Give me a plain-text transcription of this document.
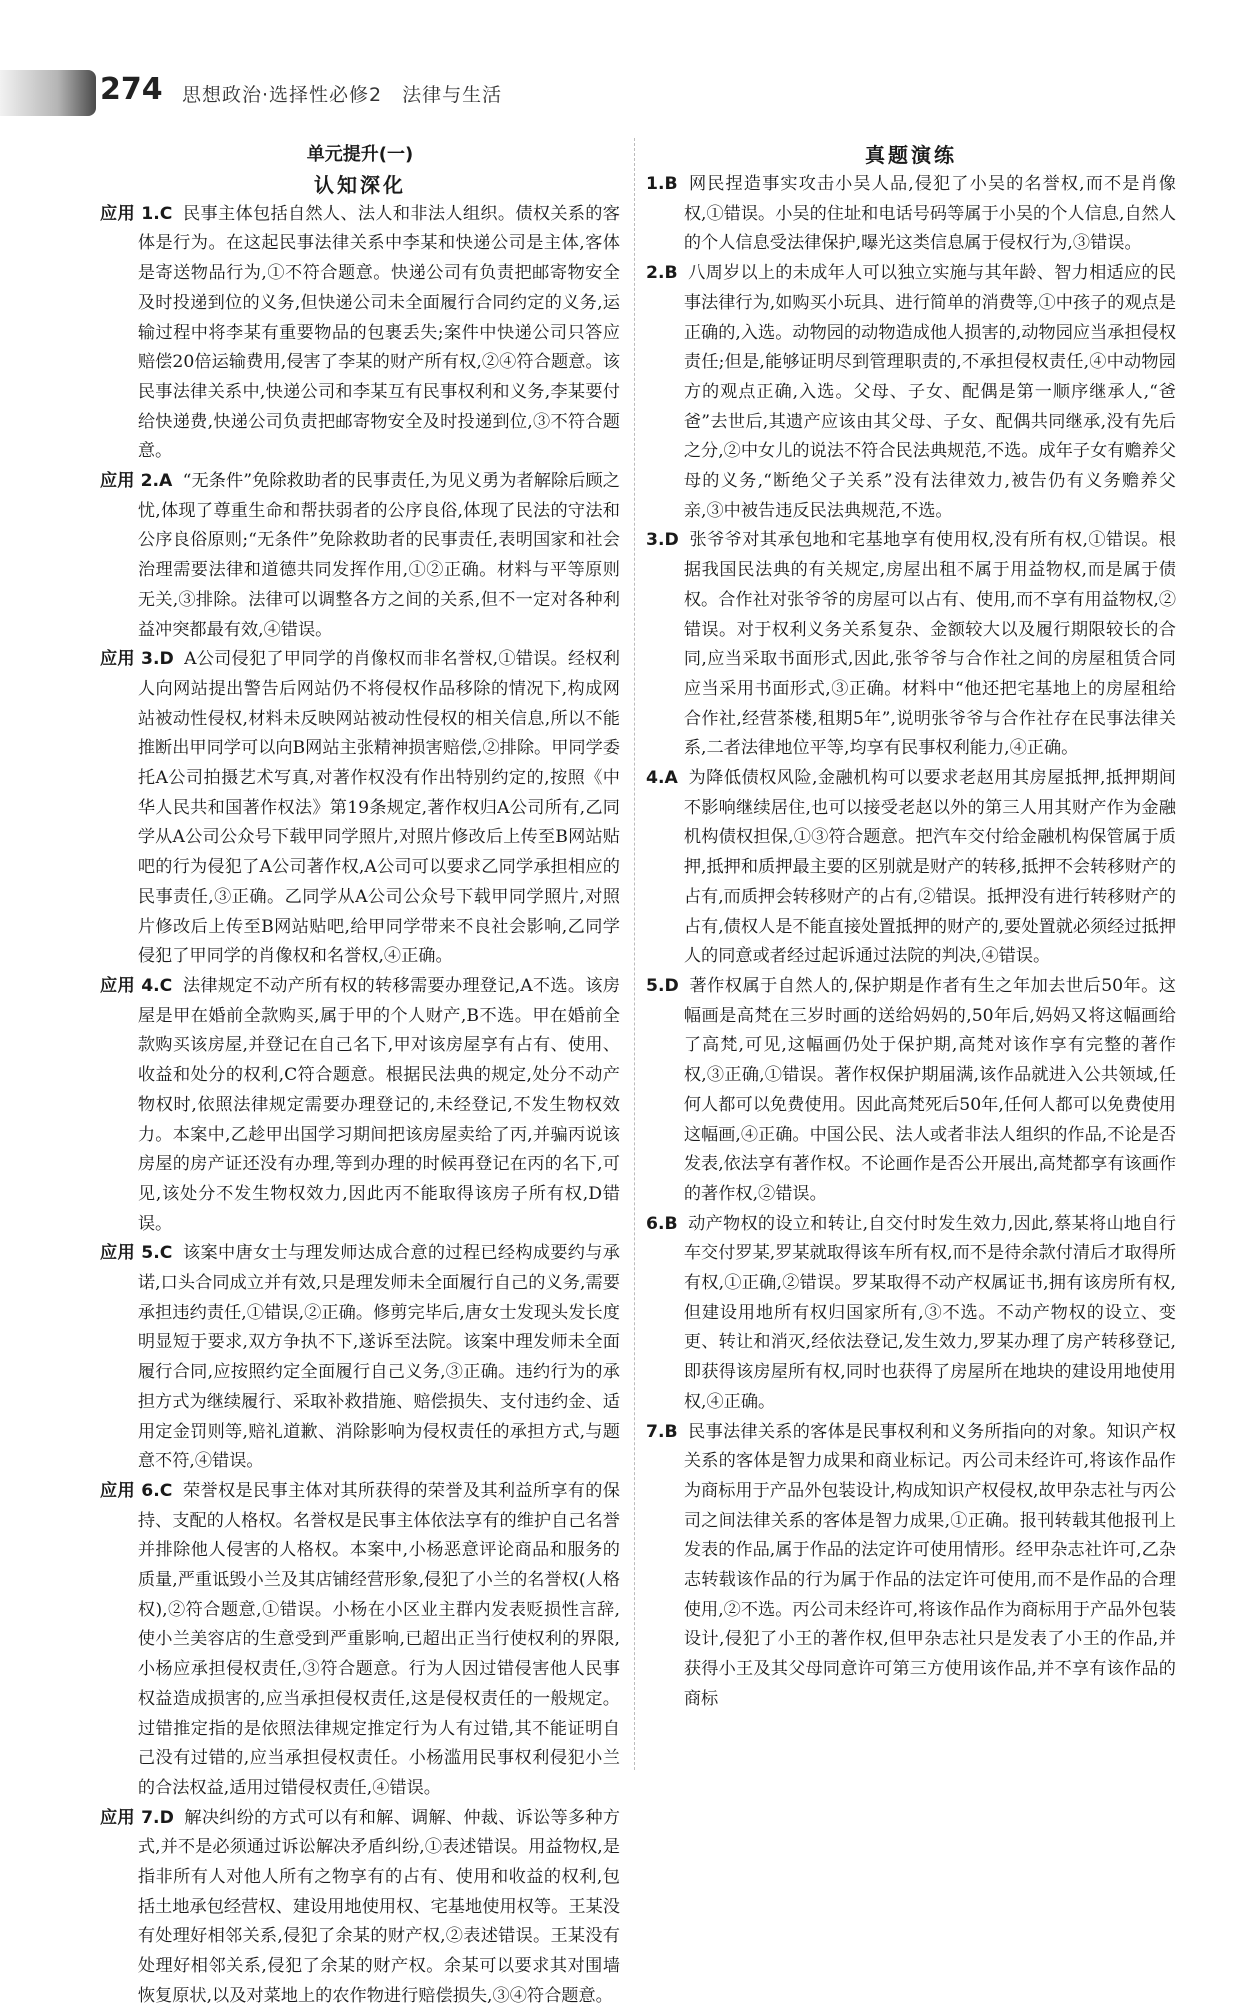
274 思想政治·选择性必修2　法律与生活
单元提升(一)
认知深化

应用 1.C 民事主体包括自然人、法人和非法人组织。债权关系的客体是行为。在这起民事法律关系中李某和快递公司是主体,客体是寄送物品行为,①不符合题意。快递公司有负责把邮寄物安全及时投递到位的义务,但快递公司未全面履行合同约定的义务,运输过程中将李某有重要物品的包裹丢失;案件中快递公司只答应赔偿20倍运输费用,侵害了李某的财产所有权,②④符合题意。该民事法律关系中,快递公司和李某互有民事权利和义务,李某要付给快递费,快递公司负责把邮寄物安全及时投递到位,③不符合题意。

应用 2.A “无条件”免除救助者的民事责任,为见义勇为者解除后顾之忧,体现了尊重生命和帮扶弱者的公序良俗,体现了民法的守法和公序良俗原则;“无条件”免除救助者的民事责任,表明国家和社会治理需要法律和道德共同发挥作用,①②正确。材料与平等原则无关,③排除。法律可以调整各方之间的关系,但不一定对各种利益冲突都最有效,④错误。

应用 3.D A公司侵犯了甲同学的肖像权而非名誉权,①错误。经权利人向网站提出警告后网站仍不将侵权作品移除的情况下,构成网站被动性侵权,材料未反映网站被动性侵权的相关信息,所以不能推断出甲同学可以向B网站主张精神损害赔偿,②排除。甲同学委托A公司拍摄艺术写真,对著作权没有作出特别约定的,按照《中华人民共和国著作权法》第19条规定,著作权归A公司所有,乙同学从A公司公众号下载甲同学照片,对照片修改后上传至B网站贴吧的行为侵犯了A公司著作权,A公司可以要求乙同学承担相应的民事责任,③正确。乙同学从A公司公众号下载甲同学照片,对照片修改后上传至B网站贴吧,给甲同学带来不良社会影响,乙同学侵犯了甲同学的肖像权和名誉权,④正确。

应用 4.C 法律规定不动产所有权的转移需要办理登记,A不选。该房屋是甲在婚前全款购买,属于甲的个人财产,B不选。甲在婚前全款购买该房屋,并登记在自己名下,甲对该房屋享有占有、使用、收益和处分的权利,C符合题意。根据民法典的规定,处分不动产物权时,依照法律规定需要办理登记的,未经登记,不发生物权效力。本案中,乙趁甲出国学习期间把该房屋卖给了丙,并骗丙说该房屋的房产证还没有办理,等到办理的时候再登记在丙的名下,可见,该处分不发生物权效力,因此丙不能取得该房子所有权,D错误。

应用 5.C 该案中唐女士与理发师达成合意的过程已经构成要约与承诺,口头合同成立并有效,只是理发师未全面履行自己的义务,需要承担违约责任,①错误,②正确。修剪完毕后,唐女士发现头发长度明显短于要求,双方争执不下,遂诉至法院。该案中理发师未全面履行合同,应按照约定全面履行自己义务,③正确。违约行为的承担方式为继续履行、采取补救措施、赔偿损失、支付违约金、适用定金罚则等,赔礼道歉、消除影响为侵权责任的承担方式,与题意不符,④错误。

应用 6.C 荣誉权是民事主体对其所获得的荣誉及其利益所享有的保持、支配的人格权。名誉权是民事主体依法享有的维护自己名誉并排除他人侵害的人格权。本案中,小杨恶意评论商品和服务的质量,严重诋毁小兰及其店铺经营形象,侵犯了小兰的名誉权(人格权),②符合题意,①错误。小杨在小区业主群内发表贬损性言辞,使小兰美容店的生意受到严重影响,已超出正当行使权利的界限,小杨应承担侵权责任,③符合题意。行为人因过错侵害他人民事权益造成损害的,应当承担侵权责任,这是侵权责任的一般规定。过错推定指的是依照法律规定推定行为人有过错,其不能证明自己没有过错的,应当承担侵权责任。小杨滥用民事权利侵犯小兰的合法权益,适用过错侵权责任,④错误。

应用 7.D 解决纠纷的方式可以有和解、调解、仲裁、诉讼等多种方式,并不是必须通过诉讼解决矛盾纠纷,①表述错误。用益物权,是指非所有人对他人所有之物享有的占有、使用和收益的权利,包括土地承包经营权、建设用地使用权、宅基地使用权等。王某没有处理好相邻关系,侵犯了余某的财产权,②表述错误。王某没有处理好相邻关系,侵犯了余某的财产权。余某可以要求其对围墙恢复原状,以及对菜地上的农作物进行赔偿损失,③④符合题意。

真题演练

1.B 网民捏造事实攻击小吴人品,侵犯了小吴的名誉权,而不是肖像权,①错误。小吴的住址和电话号码等属于小吴的个人信息,自然人的个人信息受法律保护,曝光这类信息属于侵权行为,③错误。

2.B 八周岁以上的未成年人可以独立实施与其年龄、智力相适应的民事法律行为,如购买小玩具、进行简单的消费等,①中孩子的观点是正确的,入选。动物园的动物造成他人损害的,动物园应当承担侵权责任;但是,能够证明尽到管理职责的,不承担侵权责任,④中动物园方的观点正确,入选。父母、子女、配偶是第一顺序继承人,“爸爸”去世后,其遗产应该由其父母、子女、配偶共同继承,没有先后之分,②中女儿的说法不符合民法典规范,不选。成年子女有赡养父母的义务,“断绝父子关系”没有法律效力,被告仍有义务赡养父亲,③中被告违反民法典规范,不选。

3.D 张爷爷对其承包地和宅基地享有使用权,没有所有权,①错误。根据我国民法典的有关规定,房屋出租不属于用益物权,而是属于债权。合作社对张爷爷的房屋可以占有、使用,而不享有用益物权,②错误。对于权利义务关系复杂、金额较大以及履行期限较长的合同,应当采取书面形式,因此,张爷爷与合作社之间的房屋租赁合同应当采用书面形式,③正确。材料中“他还把宅基地上的房屋租给合作社,经营茶楼,租期5年”,说明张爷爷与合作社存在民事法律关系,二者法律地位平等,均享有民事权利能力,④正确。

4.A 为降低债权风险,金融机构可以要求老赵用其房屋抵押,抵押期间不影响继续居住,也可以接受老赵以外的第三人用其财产作为金融机构债权担保,①③符合题意。把汽车交付给金融机构保管属于质押,抵押和质押最主要的区别就是财产的转移,抵押不会转移财产的占有,而质押会转移财产的占有,②错误。抵押没有进行转移财产的占有,债权人是不能直接处置抵押的财产的,要处置就必须经过抵押人的同意或者经过起诉通过法院的判决,④错误。

5.D 著作权属于自然人的,保护期是作者有生之年加去世后50年。这幅画是高梵在三岁时画的送给妈妈的,50年后,妈妈又将这幅画给了高梵,可见,这幅画仍处于保护期,高梵对该作享有完整的著作权,③正确,①错误。著作权保护期届满,该作品就进入公共领域,任何人都可以免费使用。因此高梵死后50年,任何人都可以免费使用这幅画,④正确。中国公民、法人或者非法人组织的作品,不论是否发表,依法享有著作权。不论画作是否公开展出,高梵都享有该画作的著作权,②错误。

6.B 动产物权的设立和转让,自交付时发生效力,因此,蔡某将山地自行车交付罗某,罗某就取得该车所有权,而不是待余款付清后才取得所有权,①正确,②错误。罗某取得不动产权属证书,拥有该房所有权,但建设用地所有权归国家所有,③不选。不动产物权的设立、变更、转让和消灭,经依法登记,发生效力,罗某办理了房产转移登记,即获得该房屋所有权,同时也获得了房屋所在地块的建设用地使用权,④正确。

7.B 民事法律关系的客体是民事权利和义务所指向的对象。知识产权关系的客体是智力成果和商业标记。丙公司未经许可,将该作品作为商标用于产品外包装设计,构成知识产权侵权,故甲杂志社与丙公司之间法律关系的客体是智力成果,①正确。报刊转载其他报刊上发表的作品,属于作品的法定许可使用情形。经甲杂志社许可,乙杂志转载该作品的行为属于作品的法定许可使用,而不是作品的合理使用,②不选。丙公司未经许可,将该作品作为商标用于产品外包装设计,侵犯了小王的著作权,但甲杂志社只是发表了小王的作品,并获得小王及其父母同意许可第三方使用该作品,并不享有该作品的商标
